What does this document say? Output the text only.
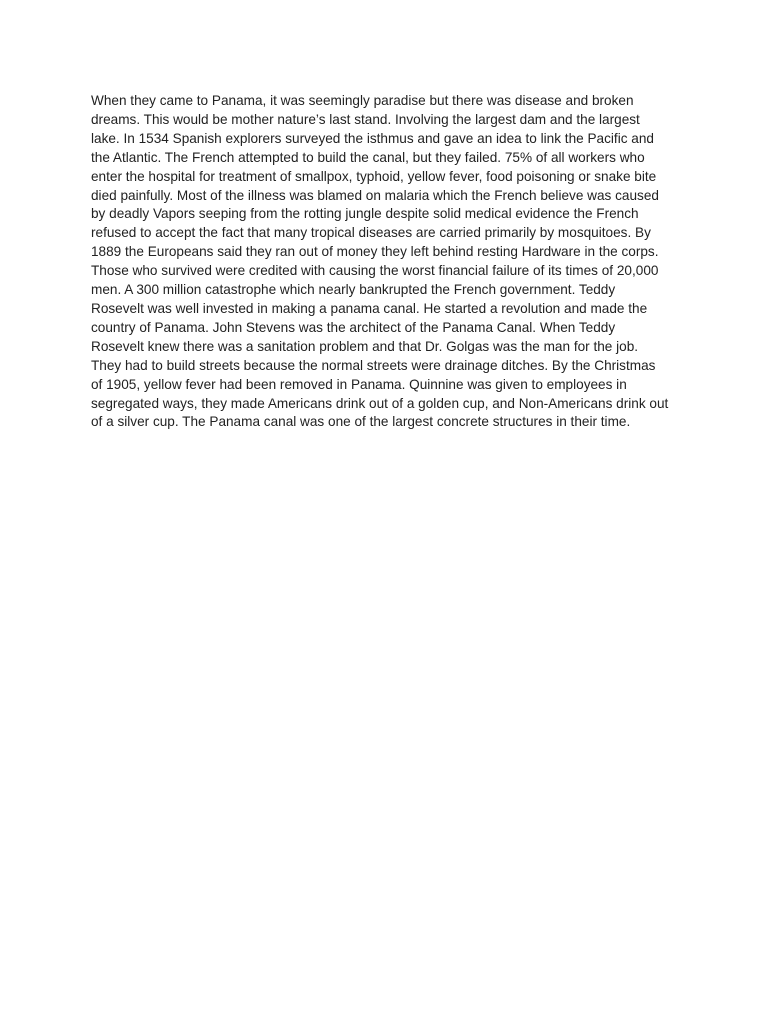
When they came to Panama, it was seemingly paradise but there was disease and broken
dreams. This would be mother nature’s last stand. Involving the largest dam and the largest
lake. In 1534 Spanish explorers surveyed the isthmus and gave an idea to link the Pacific and
the Atlantic. The French attempted to build the canal, but they failed. 75% of all workers who
enter the hospital for treatment of smallpox, typhoid, yellow fever, food poisoning or snake bite
died painfully. Most of the illness was blamed on malaria which the French believe was caused
by deadly Vapors seeping from the rotting jungle despite solid medical evidence the French
refused to accept the fact that many tropical diseases are carried primarily by mosquitoes. By
1889 the Europeans said they ran out of money they left behind resting Hardware in the corps.
Those who survived were credited with causing the worst financial failure of its times of 20,000
men. A 300 million catastrophe which nearly bankrupted the French government. Teddy
Rosevelt was well invested in making a panama canal. He started a revolution and made the
country of Panama. John Stevens was the architect of the Panama Canal. When Teddy
Rosevelt knew there was a sanitation problem and that Dr. Golgas was the man for the job.
They had to build streets because the normal streets were drainage ditches. By the Christmas
of 1905, yellow fever had been removed in Panama. Quinnine was given to employees in
segregated ways, they made Americans drink out of a golden cup, and Non-Americans drink out
of a silver cup. The Panama canal was one of the largest concrete structures in their time.
